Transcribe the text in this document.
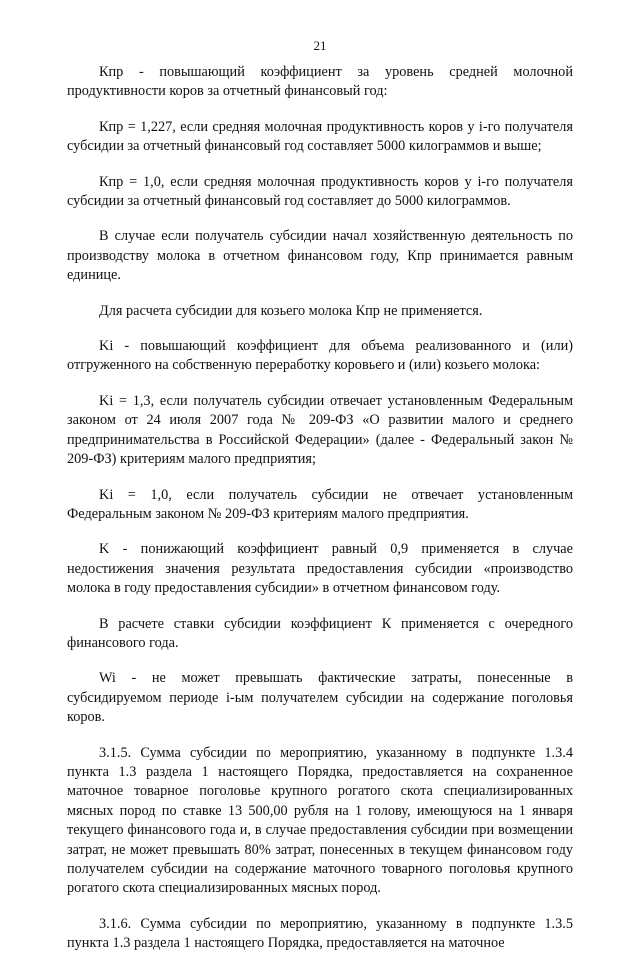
21

Кпр - повышающий коэффициент за уровень средней молочной продуктивности коров за отчетный финансовый год:

Кпр = 1,227, если средняя молочная продуктивность коров у i-го получателя субсидии за отчетный финансовый год составляет 5000 килограммов и выше;

Кпр = 1,0, если средняя молочная продуктивность коров у i-го получателя субсидии за отчетный финансовый год составляет до 5000 килограммов.

В случае если получатель субсидии начал хозяйственную деятельность по производству молока в отчетном финансовом году, Кпр принимается равным единице.

Для расчета субсидии для козьего молока Кпр не применяется.

Ki - повышающий коэффициент для объема реализованного и (или) отгруженного на собственную переработку коровьего и (или) козьего молока:

Ki = 1,3, если получатель субсидии отвечает установленным Федеральным законом от 24 июля 2007 года № 209-ФЗ «О развитии малого и среднего предпринимательства в Российской Федерации» (далее - Федеральный закон № 209-ФЗ) критериям малого предприятия;

Ki = 1,0, если получатель субсидии не отвечает установленным Федеральным законом № 209-ФЗ критериям малого предприятия.

K - понижающий коэффициент равный 0,9 применяется в случае недостижения значения результата предоставления субсидии «производство молока в году предоставления субсидии» в отчетном финансовом году.

В расчете ставки субсидии коэффициент К применяется с очередного финансового года.

Wi - не может превышать фактические затраты, понесенные в субсидируемом периоде i-ым получателем субсидии на содержание поголовья коров.

3.1.5. Сумма субсидии по мероприятию, указанному в подпункте 1.3.4 пункта 1.3 раздела 1 настоящего Порядка, предоставляется на сохраненное маточное товарное поголовье крупного рогатого скота специализированных мясных пород по ставке 13 500,00 рубля на 1 голову, имеющуюся на 1 января текущего финансового года и, в случае предоставления субсидии при возмещении затрат, не может превышать 80% затрат, понесенных в текущем финансовом году получателем субсидии на содержание маточного товарного поголовья крупного рогатого скота специализированных мясных пород.

3.1.6. Сумма субсидии по мероприятию, указанному в подпункте 1.3.5 пункта 1.3 раздела 1 настоящего Порядка, предоставляется на маточное
